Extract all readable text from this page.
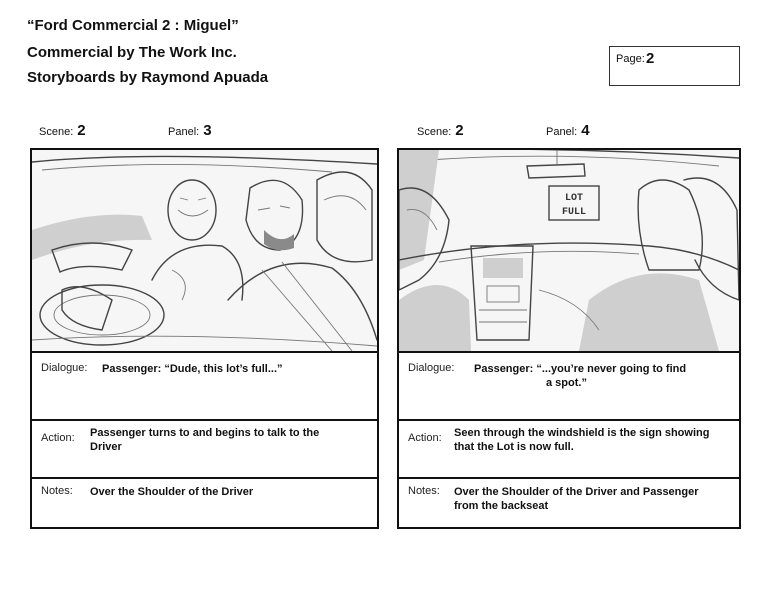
“Ford Commercial 2 : Miguel”
Commercial by The Work Inc.
Storyboards by Raymond Apuada
Page: 2
Scene: 2	Panel: 3	Scene: 2	Panel: 4
Dialogue: Passenger: “Dude, this lot’s full...”
Action: Passenger turns to and begins to talk to the
Driver
Notes: Over the Shoulder of the Driver
LOT
FULL
Dialogue: Passenger: “...you’re never going to find
a spot.”
Action: Seen through the windshield is the sign showing
that the Lot is now full.
Notes: Over the Shoulder of the Driver and Passenger
from the backseat
